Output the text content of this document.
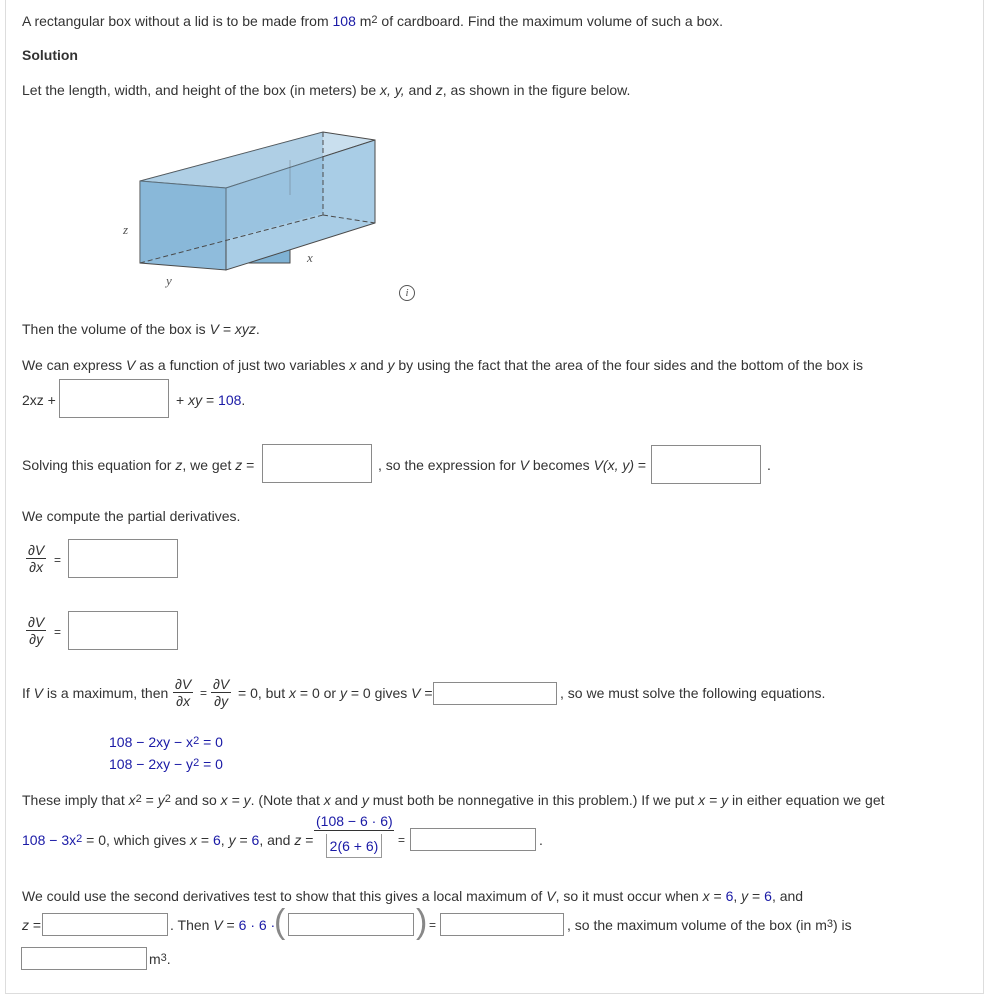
A rectangular box without a lid is to be made from 108 $m^2$ of cardboard. Find the maximum volume of such a box.
Solution
Let the length, width, and height of the box (in meters) be x, y, and z, as shown in the figure below.
z
y
x
i
Then the volume of the box is V = xyz.
We can express V as a function of just two variables x and y by using the fact that the area of the four sides and the bottom of the box is
2xz +	+ xy = 108.
Solving this equation for z, we get z =	, so the expression for V becomes V(x, y) =	.
We compute the partial derivatives.
$\frac{\partial V}{\partial x}$ =
$\frac{\partial V}{\partial y}$ =
If V is a maximum, then $\frac{\partial V}{\partial x} = \frac{\partial V}{\partial y} = 0$, but x = 0 or y = 0 gives V =	, so we must solve the following equations.
$108 - 2xy - x^2 = 0$
$108 - 2xy - y^2 = 0$
These imply that $x^2 = y^2$ and so x = y. (Note that x and y must both be nonnegative in this problem.) If we put x = y in either equation we get
$108 - 3x^2 = 0$, which gives x = 6, y = 6, and z =
(108 − 6 · 6)
2(6 + 6) =	.
We could use the second derivatives test to show that this gives a local maximum of V, so it must occur when x = 6, y = 6, and
z =	. Then V = 6 · 6 ·
(	) =	, so the maximum volume of the box (in $m^3$) is
$m^3$.
